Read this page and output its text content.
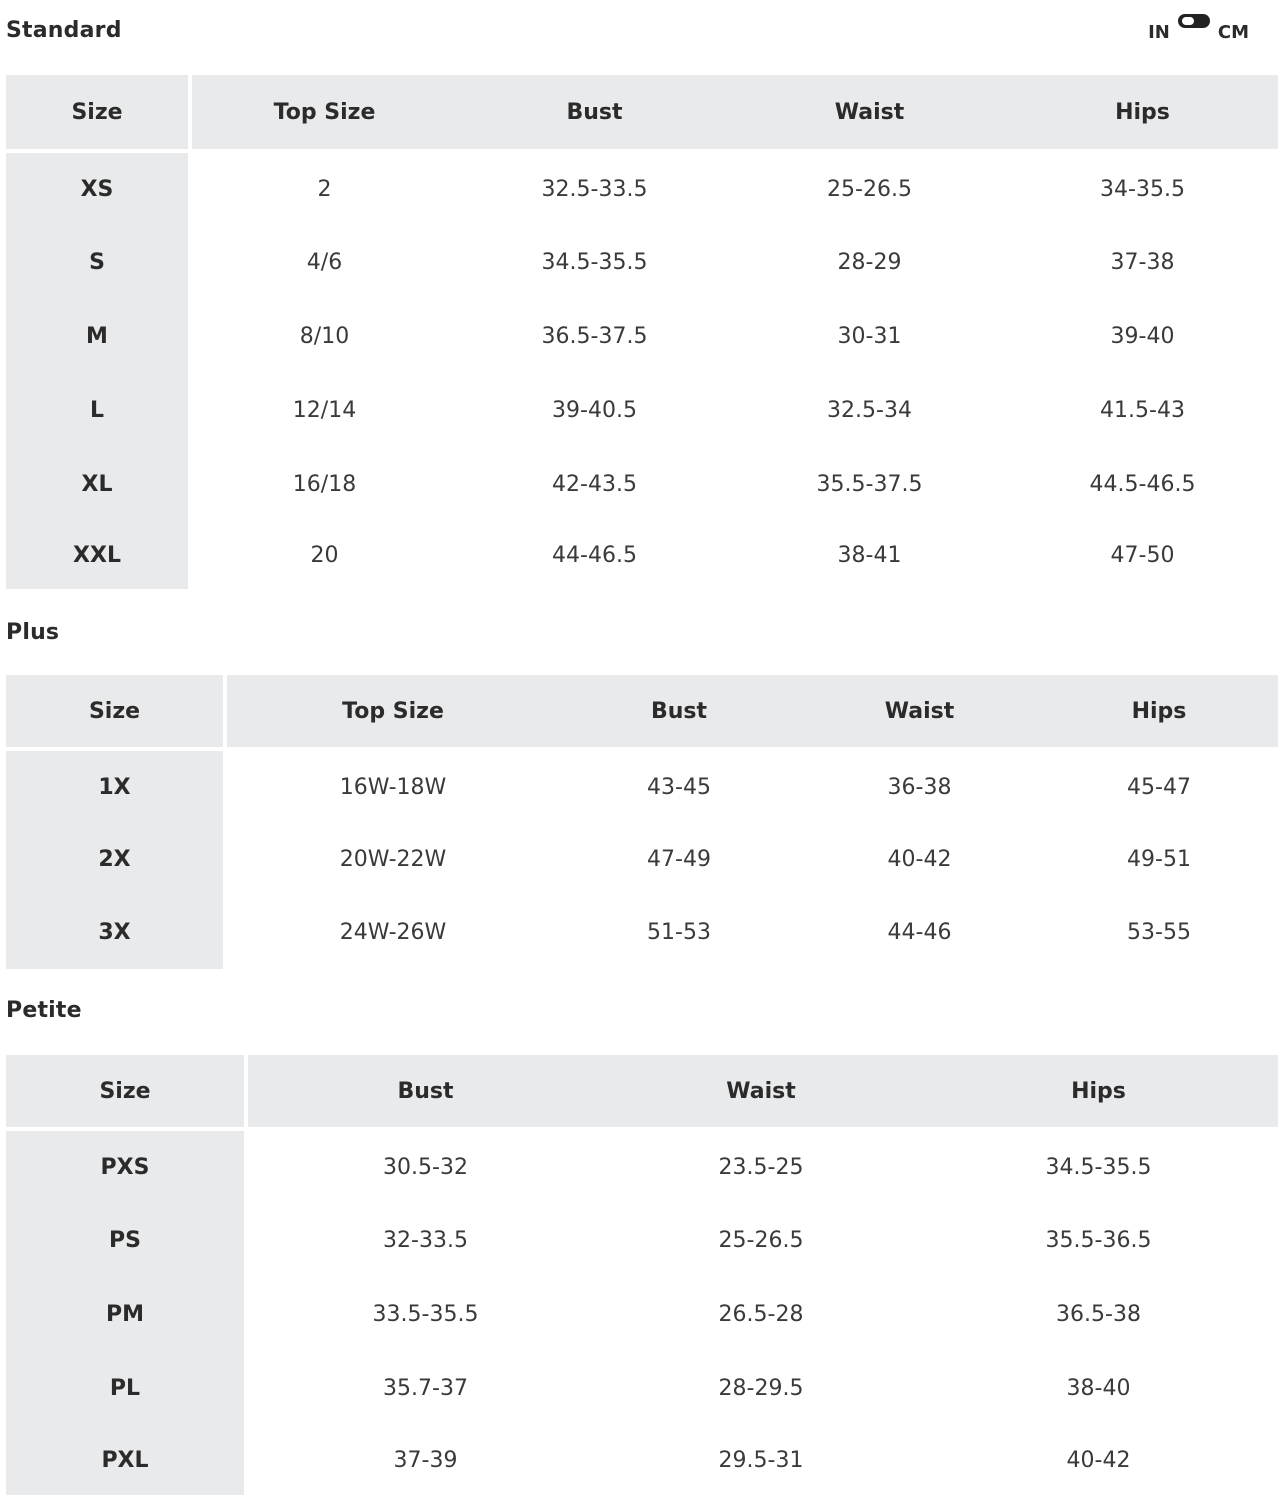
Standard	IN	CM
Size	Top Size	Bust	Waist	Hips
XS	2	32.5-33.5	25-26.5	34-35.5
S	4/6	34.5-35.5	28-29	37-38
M	8/10	36.5-37.5	30-31	39-40
L	12/14	39-40.5	32.5-34	41.5-43
XL	16/18	42-43.5	35.5-37.5	44.5-46.5
XXL	20	44-46.5	38-41	47-50
Plus
Size	Top Size	Bust	Waist	Hips
1X	16W-18W	43-45	36-38	45-47
2X	20W-22W	47-49	40-42	49-51
3X	24W-26W	51-53	44-46	53-55
Petite
Size	Bust	Waist	Hips
PXS	30.5-32	23.5-25	34.5-35.5
PS	32-33.5	25-26.5	35.5-36.5
PM	33.5-35.5	26.5-28	36.5-38
PL	35.7-37	28-29.5	38-40
PXL	37-39	29.5-31	40-42
